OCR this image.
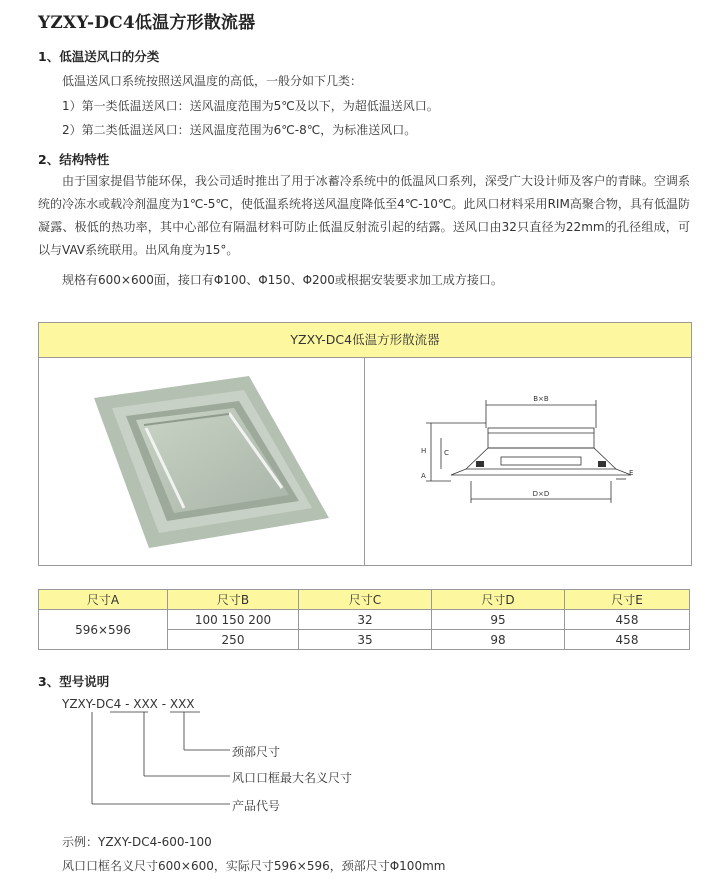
YZXY-DC4低温方形散流器
1、低温送风口的分类
低温送风口系统按照送风温度的高低，一般分如下几类：
1）第一类低温送风口：送风温度范围为5℃及以下，为超低温送风口。
2）第二类低温送风口：送风温度范围为6℃-8℃，为标准送风口。
2、结构特性
由于国家提倡节能环保，我公司适时推出了用于冰蓄冷系统中的低温风口系列，深受广大设计师及客户的青睐。空调系统的冷冻水或载冷剂温度为1℃-5℃，使低温系统将送风温度降低至4℃-10℃。此风口材料采用RIM高聚合物，具有低温防凝露、极低的热功率，其中心部位有隔温材料可防止低温反射流引起的结露。送风口由32只直径为22mm的孔径组成，可以与VAV系统联用。出风角度为15°。
规格有600×600面，接口有Φ100、Φ150、Φ200或根据安装要求加工成方接口。
YZXY-DC4低温方形散流器
B×B
D×D
C
H
A	E
尺寸A	尺寸B	尺寸C	尺寸D	尺寸E
596×596	100 150 200	32	95	458
	250	35	98	458
3、型号说明
YZXY-DC4 - XXX - XXX
颈部尺寸
风口口框最大名义尺寸
产品代号
示例：YZXY-DC4-600-100
风口口框名义尺寸600×600，实际尺寸596×596，颈部尺寸Φ100mm
